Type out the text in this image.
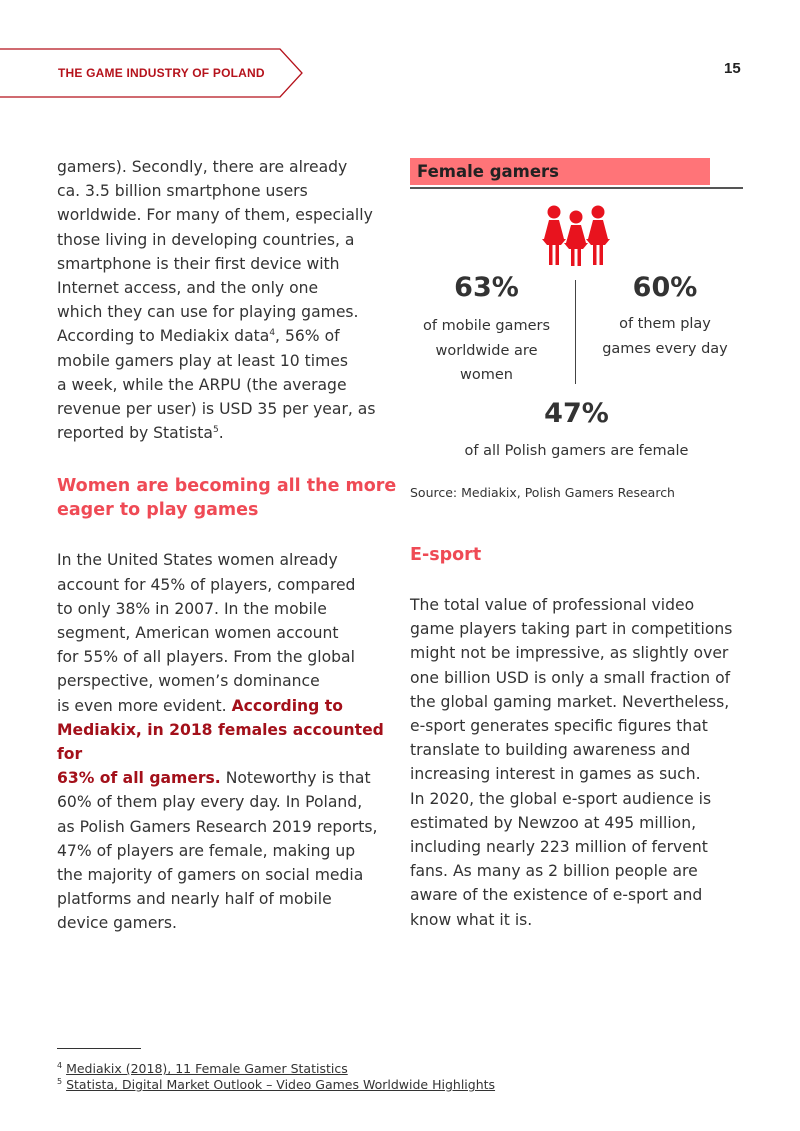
THE GAME INDUSTRY OF POLAND	15

gamers). Secondly, there are already
ca. 3.5 billion smartphone users
worldwide. For many of them, especially
those living in developing countries, a
smartphone is their first device with
Internet access, and the only one
which they can use for playing games.
According to Mediakix data$^4$, 56% of
mobile gamers play at least 10 times
a week, while the ARPU (the average
revenue per user) is USD 35 per year, as
reported by Statista$^5$.

Women are becoming all the more
eager to play games

In the United States women already
account for 45% of players, compared
to only 38% in 2007. In the mobile
segment, American women account
for 55% of all players. From the global
perspective, women’s dominance
is even more evident. According to
Mediakix, in 2018 females accounted for
63% of all gamers. Noteworthy is that
60% of them play every day. In Poland,
as Polish Gamers Research 2019 reports,
47% of players are female, making up
the majority of gamers on social media
platforms and nearly half of mobile
device gamers.

Female gamers
63%
of mobile gamers
worldwide are
women
60%
of them play
games every day
47%
of all Polish gamers are female
Source: Mediakix, Polish Gamers Research
E-sport

The total value of professional video
game players taking part in competitions
might not be impressive, as slightly over
one billion USD is only a small fraction of
the global gaming market. Nevertheless,
e-sport generates specific figures that
translate to building awareness and
increasing interest in games as such.
In 2020, the global e-sport audience is
estimated by Newzoo at 495 million,
including nearly 223 million of fervent
fans. As many as 2 billion people are
aware of the existence of e-sport and
know what it is.

$^4$ Mediakix (2018), 11 Female Gamer Statistics
$^5$ Statista, Digital Market Outlook – Video Games Worldwide Highlights
